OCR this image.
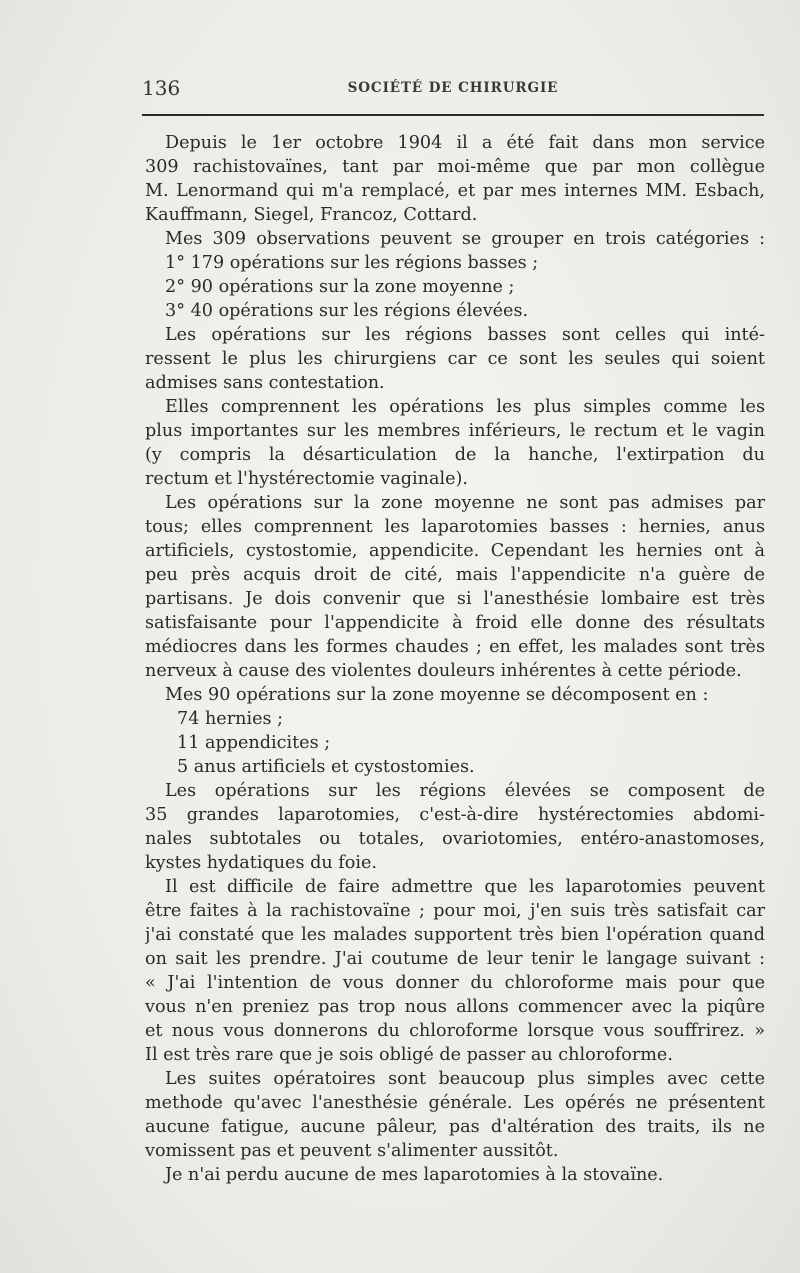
136	SOCIÉTÉ DE CHIRURGIE
Depuis le 1er octobre 1904 il a été fait dans mon service
309 rachistovaïnes, tant par moi-même que par mon collègue
M. Lenormand qui m'a remplacé, et par mes internes MM. Esbach,
Kauffmann, Siegel, Francoz, Cottard.
Mes 309 observations peuvent se grouper en trois catégories :
1° 179 opérations sur les régions basses ;
2° 90 opérations sur la zone moyenne ;
3° 40 opérations sur les régions élevées.
Les opérations sur les régions basses sont celles qui inté-
ressent le plus les chirurgiens car ce sont les seules qui soient
admises sans contestation.
Elles comprennent les opérations les plus simples comme les
plus importantes sur les membres inférieurs, le rectum et le vagin
(y compris la désarticulation de la hanche, l'extirpation du
rectum et l'hystérectomie vaginale).
Les opérations sur la zone moyenne ne sont pas admises par
tous; elles comprennent les laparotomies basses : hernies, anus
artificiels, cystostomie, appendicite. Cependant les hernies ont à
peu près acquis droit de cité, mais l'appendicite n'a guère de
partisans. Je dois convenir que si l'anesthésie lombaire est très
satisfaisante pour l'appendicite à froid elle donne des résultats
médiocres dans les formes chaudes ; en effet, les malades sont très
nerveux à cause des violentes douleurs inhérentes à cette période.
Mes 90 opérations sur la zone moyenne se décomposent en :
74 hernies ;
11 appendicites ;
5 anus artificiels et cystostomies.
Les opérations sur les régions élevées se composent de
35 grandes laparotomies, c'est-à-dire hystérectomies abdomi-
nales subtotales ou totales, ovariotomies, entéro-anastomoses,
kystes hydatiques du foie.
Il est difficile de faire admettre que les laparotomies peuvent
être faites à la rachistovaïne ; pour moi, j'en suis très satisfait car
j'ai constaté que les malades supportent très bien l'opération quand
on sait les prendre. J'ai coutume de leur tenir le langage suivant :
« J'ai l'intention de vous donner du chloroforme mais pour que
vous n'en preniez pas trop nous allons commencer avec la piqûre
et nous vous donnerons du chloroforme lorsque vous souffrirez. »
Il est très rare que je sois obligé de passer au chloroforme.
Les suites opératoires sont beaucoup plus simples avec cette
methode qu'avec l'anesthésie générale. Les opérés ne présentent
aucune fatigue, aucune pâleur, pas d'altération des traits, ils ne
vomissent pas et peuvent s'alimenter aussitôt.
Je n'ai perdu aucune de mes laparotomies à la stovaïne.
